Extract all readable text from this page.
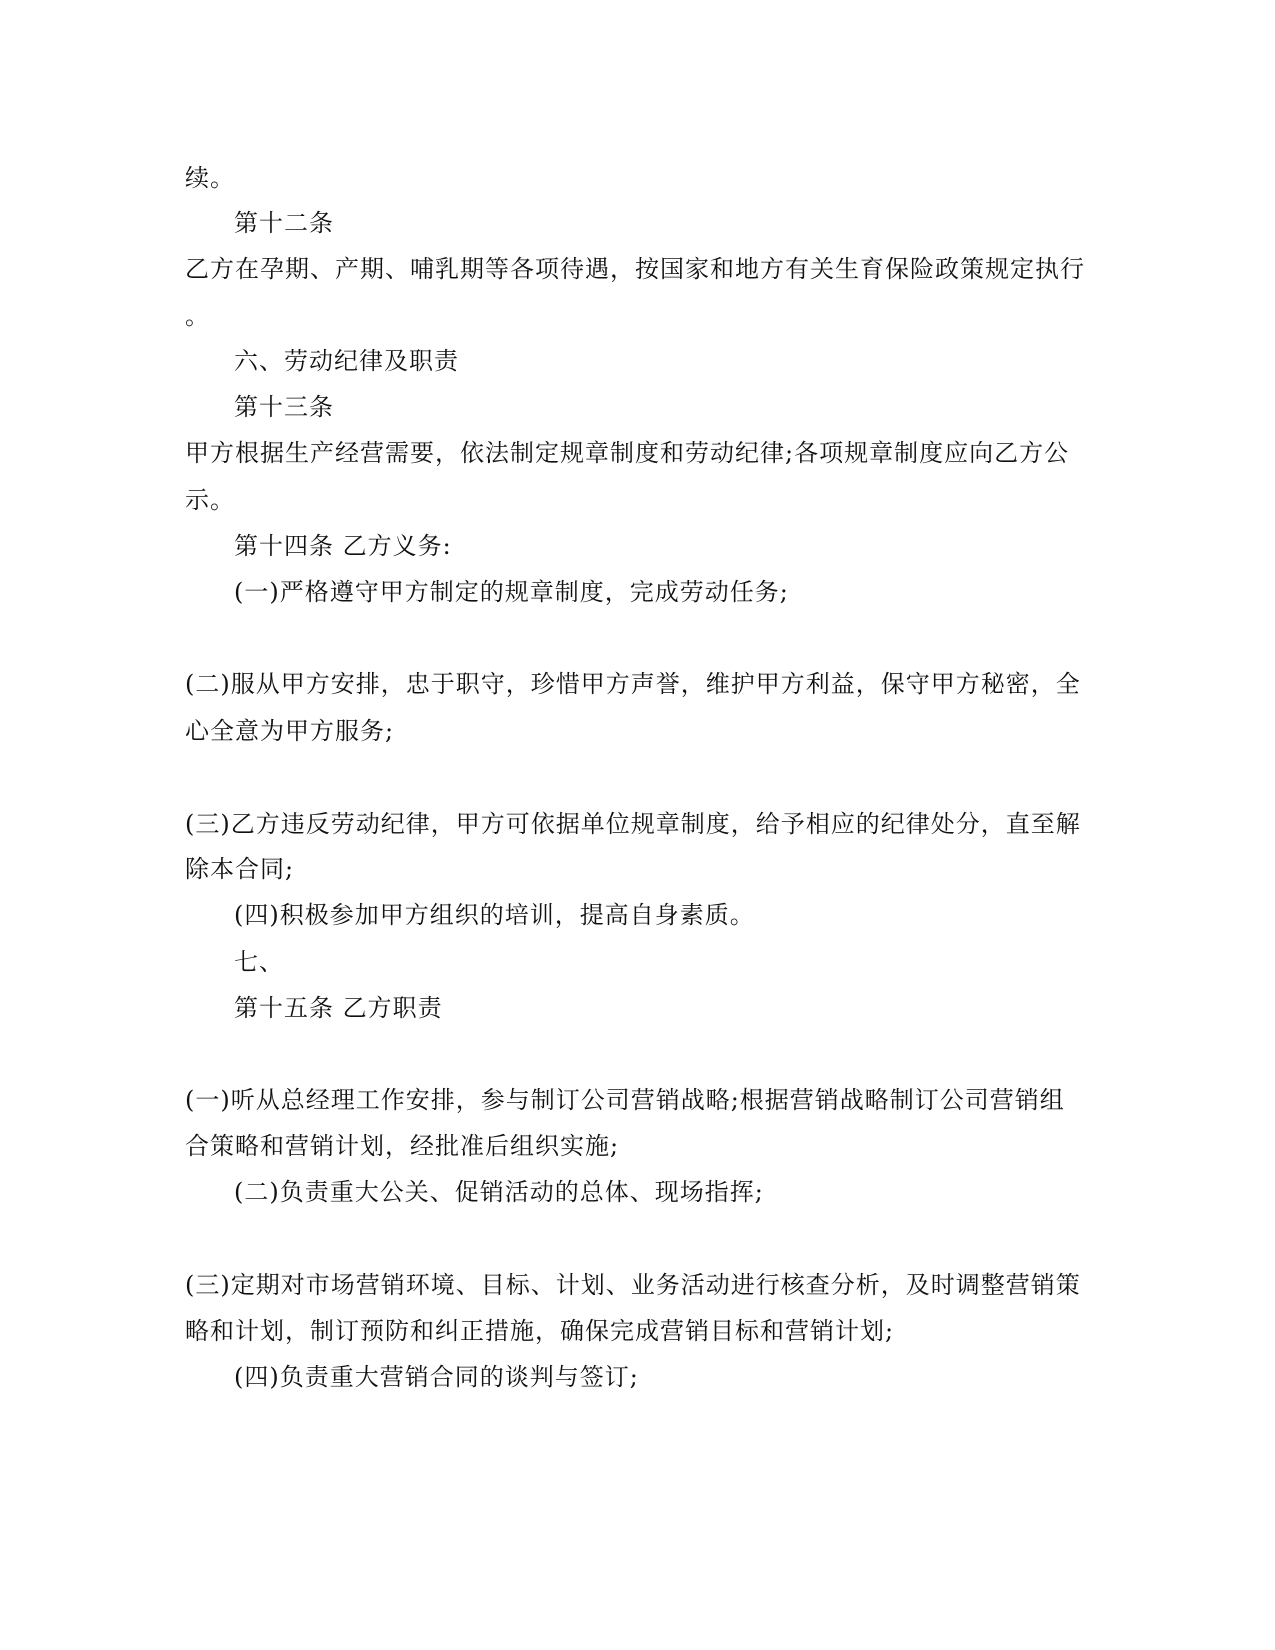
续。

第十二条

乙方在孕期、产期、哺乳期等各项待遇，按国家和地方有关生育保险政策规定执行

。

六、劳动纪律及职责

第十三条

甲方根据生产经营需要，依法制定规章制度和劳动纪律;各项规章制度应向乙方公

示。

第十四条 乙方义务:

(一)严格遵守甲方制定的规章制度，完成劳动任务;

(二)服从甲方安排，忠于职守，珍惜甲方声誉，维护甲方利益，保守甲方秘密，全

心全意为甲方服务;

(三)乙方违反劳动纪律，甲方可依据单位规章制度，给予相应的纪律处分，直至解

除本合同;

(四)积极参加甲方组织的培训，提高自身素质。

七、

第十五条 乙方职责

(一)听从总经理工作安排，参与制订公司营销战略;根据营销战略制订公司营销组

合策略和营销计划，经批准后组织实施;

(二)负责重大公关、促销活动的总体、现场指挥;

(三)定期对市场营销环境、目标、计划、业务活动进行核查分析，及时调整营销策

略和计划，制订预防和纠正措施，确保完成营销目标和营销计划;

(四)负责重大营销合同的谈判与签订;
